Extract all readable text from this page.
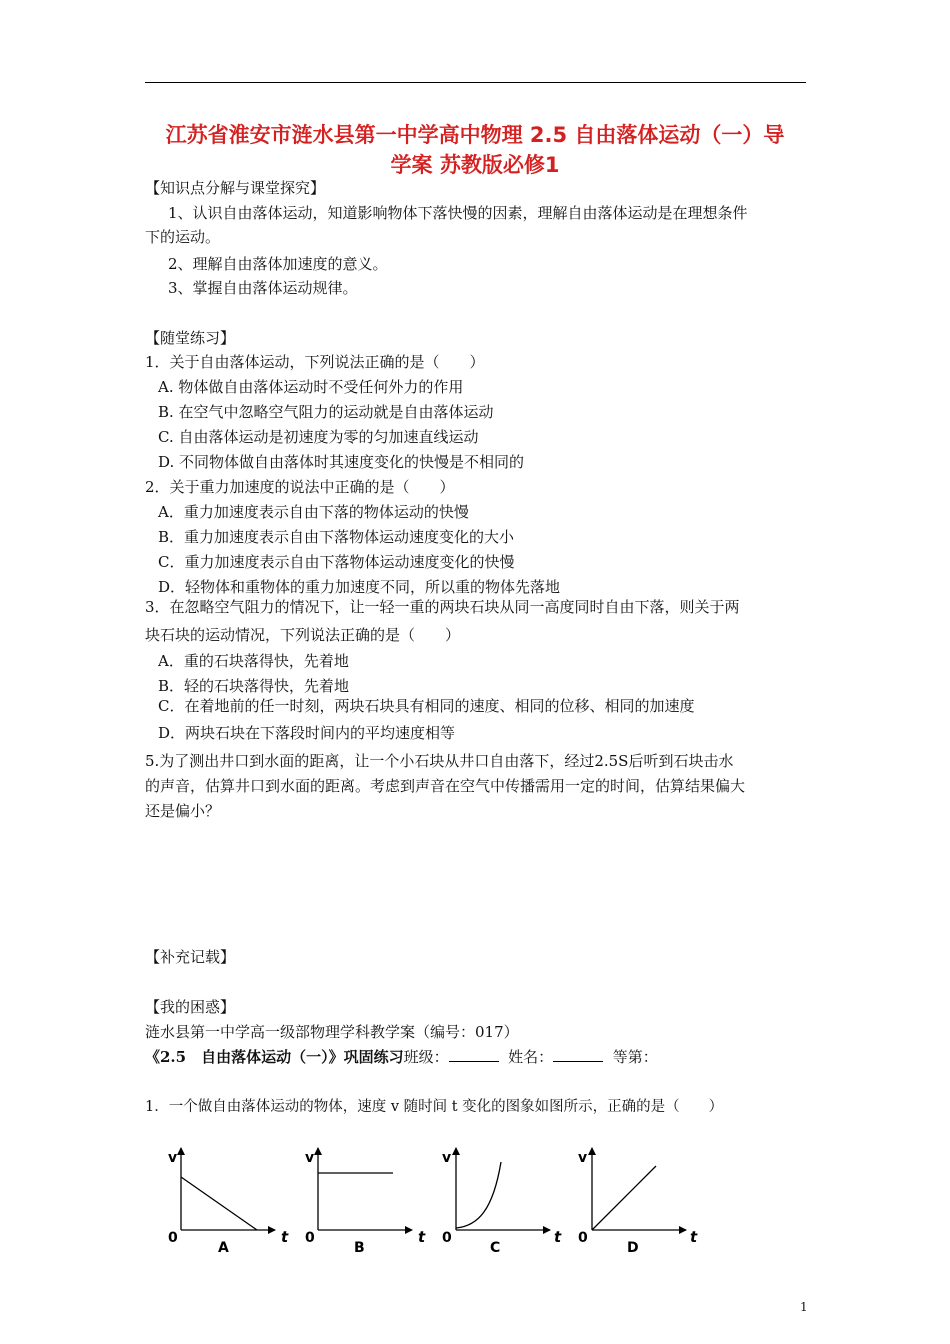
江苏省淮安市涟水县第一中学高中物理 2.5 自由落体运动（一）导
学案 苏教版必修1
【知识点分解与课堂探究】
1、认识自由落体运动，知道影响物体下落快慢的因素，理解自由落体运动是在理想条件
下的运动。
2、理解自由落体加速度的意义。
3、掌握自由落体运动规律。
【随堂练习】
1．关于自由落体运动，下列说法正确的是（　　）
A. 物体做自由落体运动时不受任何外力的作用
B. 在空气中忽略空气阻力的运动就是自由落体运动
C. 自由落体运动是初速度为零的匀加速直线运动
D. 不同物体做自由落体时其速度变化的快慢是不相同的
2．关于重力加速度的说法中正确的是（　　）
A．重力加速度表示自由下落的物体运动的快慢
B．重力加速度表示自由下落物体运动速度变化的大小
C．重力加速度表示自由下落物体运动速度变化的快慢
D．轻物体和重物体的重力加速度不同，所以重的物体先落地
3．在忽略空气阻力的情况下，让一轻一重的两块石块从同一高度同时自由下落，则关于两
块石块的运动情况，下列说法正确的是（　　）
A．重的石块落得快，先着地
B．轻的石块落得快，先着地
C．在着地前的任一时刻，两块石块具有相同的速度、相同的位移、相同的加速度
D．两块石块在下落段时间内的平均速度相等
5.为了测出井口到水面的距离，让一个小石块从井口自由落下，经过2.5S后听到石块击水
的声音，估算井口到水面的距离。考虑到声音在空气中传播需用一定的时间，估算结果偏大
还是偏小？
【补充记载】
【我的困惑】
涟水县第一中学高一级部物理学科教学案（编号：017）
《2.5　自由落体运动（一）》巩固练习班级：	姓名：	等第：
1．一个做自由落体运动的物体，速度 v 随时间 t 变化的图象如图所示，正确的是（　　）
v
0	t
A
v
0	t
B
v
0	t
C
v
0	t
D
1
